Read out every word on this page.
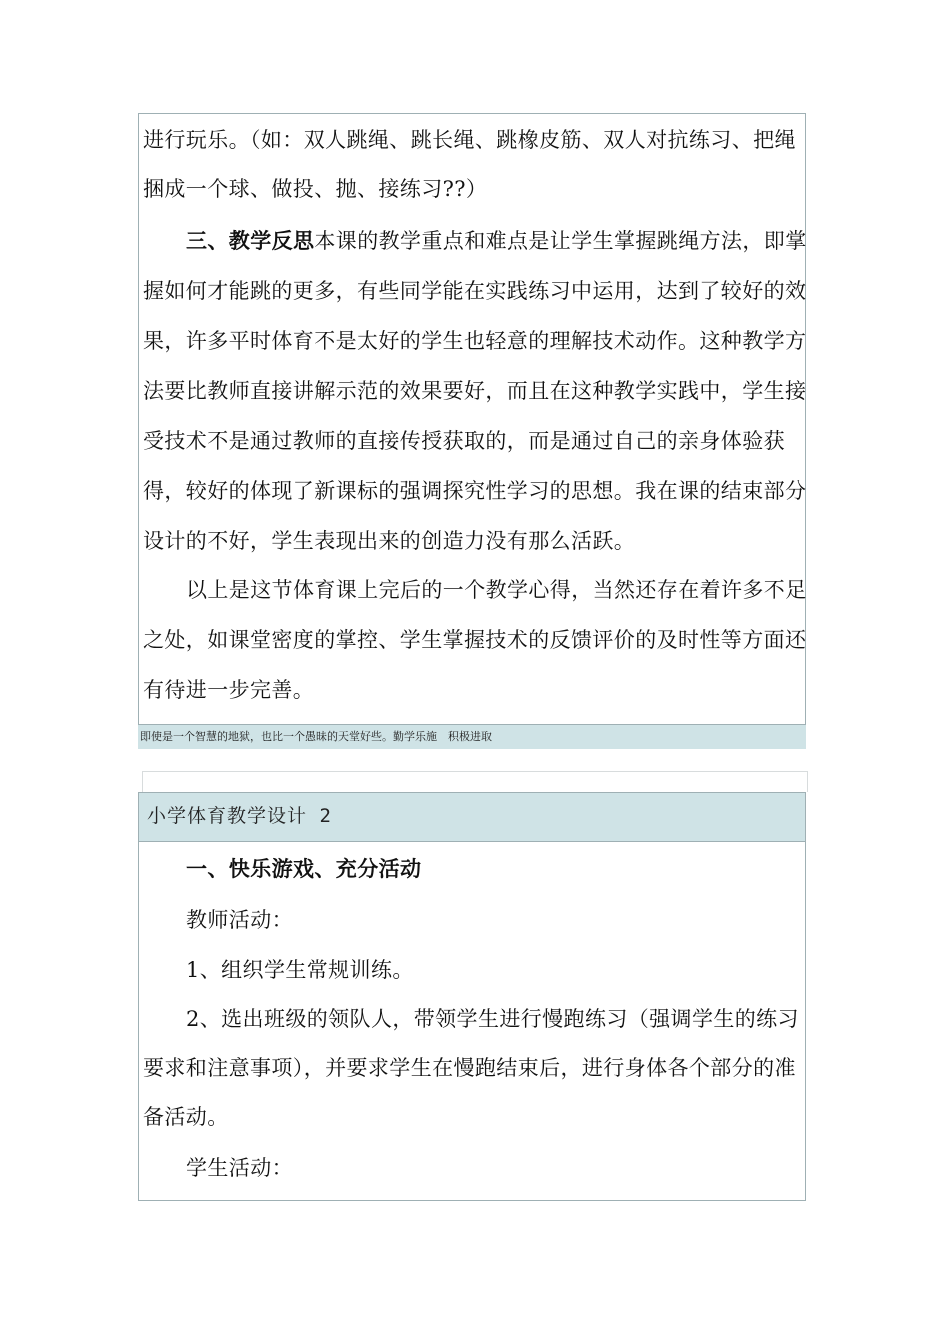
进行玩乐。（如：双人跳绳、跳长绳、跳橡皮筋、双人对抗练习、把绳
捆成一个球、做投、抛、接练习??）
三、教学反思本课的教学重点和难点是让学生掌握跳绳方法，即掌
握如何才能跳的更多，有些同学能在实践练习中运用，达到了较好的效
果，许多平时体育不是太好的学生也轻意的理解技术动作。这种教学方
法要比教师直接讲解示范的效果要好，而且在这种教学实践中，学生接
受技术不是通过教师的直接传授获取的，而是通过自己的亲身体验获
得，较好的体现了新课标的强调探究性学习的思想。我在课的结束部分
设计的不好，学生表现出来的创造力没有那么活跃。
以上是这节体育课上完后的一个教学心得，当然还存在着许多不足
之处，如课堂密度的掌控、学生掌握技术的反馈评价的及时性等方面还
有待进一步完善。
即使是一个智慧的地狱，也比一个愚昧的天堂好些。勤学乐施　积极进取
小学体育教学设计 2
一、快乐游戏、充分活动
教师活动：
1、组织学生常规训练。
2、选出班级的领队人，带领学生进行慢跑练习（强调学生的练习
要求和注意事项），并要求学生在慢跑结束后，进行身体各个部分的准
备活动。
学生活动：
